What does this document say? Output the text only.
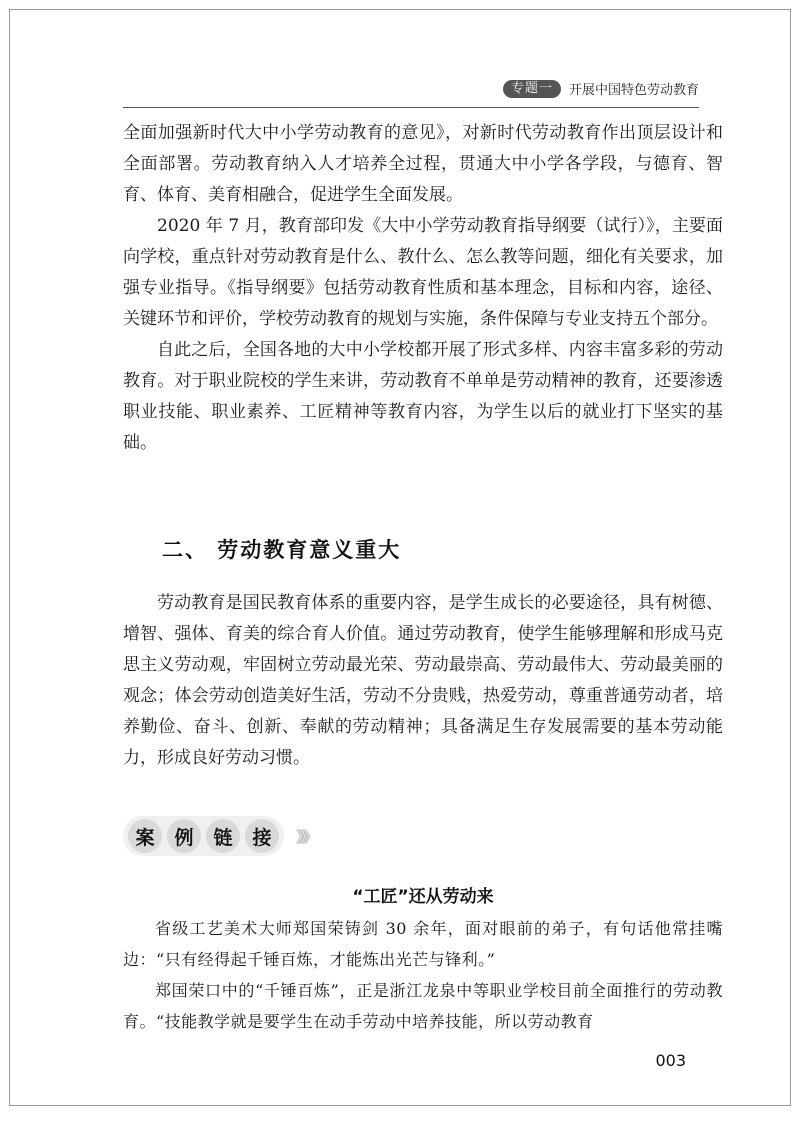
专题一	开展中国特色劳动教育

全面加强新时代大中小学劳动教育的意见》，对新时代劳动教育作出顶层设计和全面部署。劳动教育纳入人才培养全过程，贯通大中小学各学段，与德育、智育、体育、美育相融合，促进学生全面发展。

2020 年 7 月，教育部印发《大中小学劳动教育指导纲要（试行）》，主要面向学校，重点针对劳动教育是什么、教什么、怎么教等问题，细化有关要求，加强专业指导。《指导纲要》包括劳动教育性质和基本理念，目标和内容，途径、关键环节和评价，学校劳动教育的规划与实施，条件保障与专业支持五个部分。

自此之后，全国各地的大中小学校都开展了形式多样、内容丰富多彩的劳动教育。对于职业院校的学生来讲，劳动教育不单单是劳动精神的教育，还要渗透职业技能、职业素养、工匠精神等教育内容，为学生以后的就业打下坚实的基础。

二、 劳动教育意义重大

劳动教育是国民教育体系的重要内容，是学生成长的必要途径，具有树德、增智、强体、育美的综合育人价值。通过劳动教育，使学生能够理解和形成马克思主义劳动观，牢固树立劳动最光荣、劳动最崇高、劳动最伟大、劳动最美丽的观念；体会劳动创造美好生活，劳动不分贵贱，热爱劳动，尊重普通劳动者，培养勤俭、奋斗、创新、奉献的劳动精神；具备满足生存发展需要的基本劳动能力，形成良好劳动习惯。

案	例	链	接	》》》
“工匠”还从劳动来

省级工艺美术大师郑国荣铸剑 30 余年，面对眼前的弟子，有句话他常挂嘴边：“只有经得起千锤百炼，才能炼出光芒与锋利。”

郑国荣口中的“千锤百炼”，正是浙江龙泉中等职业学校目前全面推行的劳动教育。“技能教学就是要学生在动手劳动中培养技能，所以劳动教育

003
